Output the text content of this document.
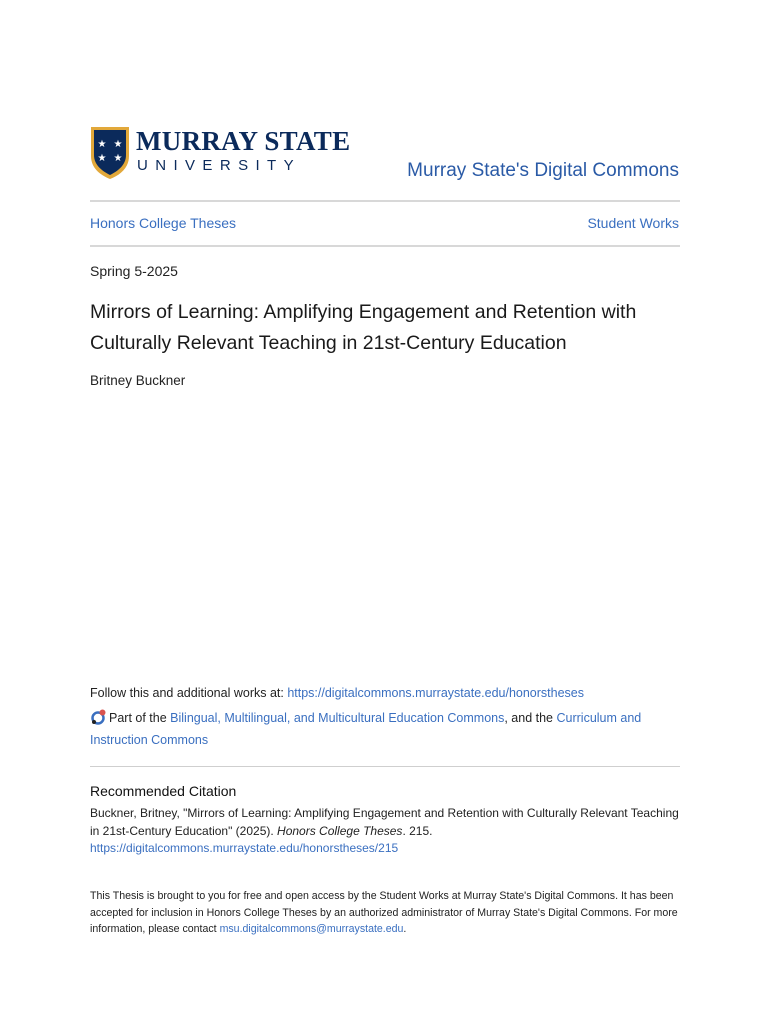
★ ★
★ ★
MURRAY STATE
UNIVERSITY	Murray State's Digital Commons
Honors College Theses	Student Works
Spring 5-2025
Mirrors of Learning: Amplifying Engagement and Retention with Culturally Relevant Teaching in 21st-Century Education
Britney Buckner
Follow this and additional works at: https://digitalcommons.murraystate.edu/honorstheses
Part of the Bilingual, Multilingual, and Multicultural Education Commons, and the Curriculum and Instruction Commons
Recommended Citation
Buckner, Britney, "Mirrors of Learning: Amplifying Engagement and Retention with Culturally Relevant Teaching in 21st-Century Education" (2025). Honors College Theses. 215.
https://digitalcommons.murraystate.edu/honorstheses/215
This Thesis is brought to you for free and open access by the Student Works at Murray State's Digital Commons. It has been accepted for inclusion in Honors College Theses by an authorized administrator of Murray State's Digital Commons. For more information, please contact msu.digitalcommons@murraystate.edu.
